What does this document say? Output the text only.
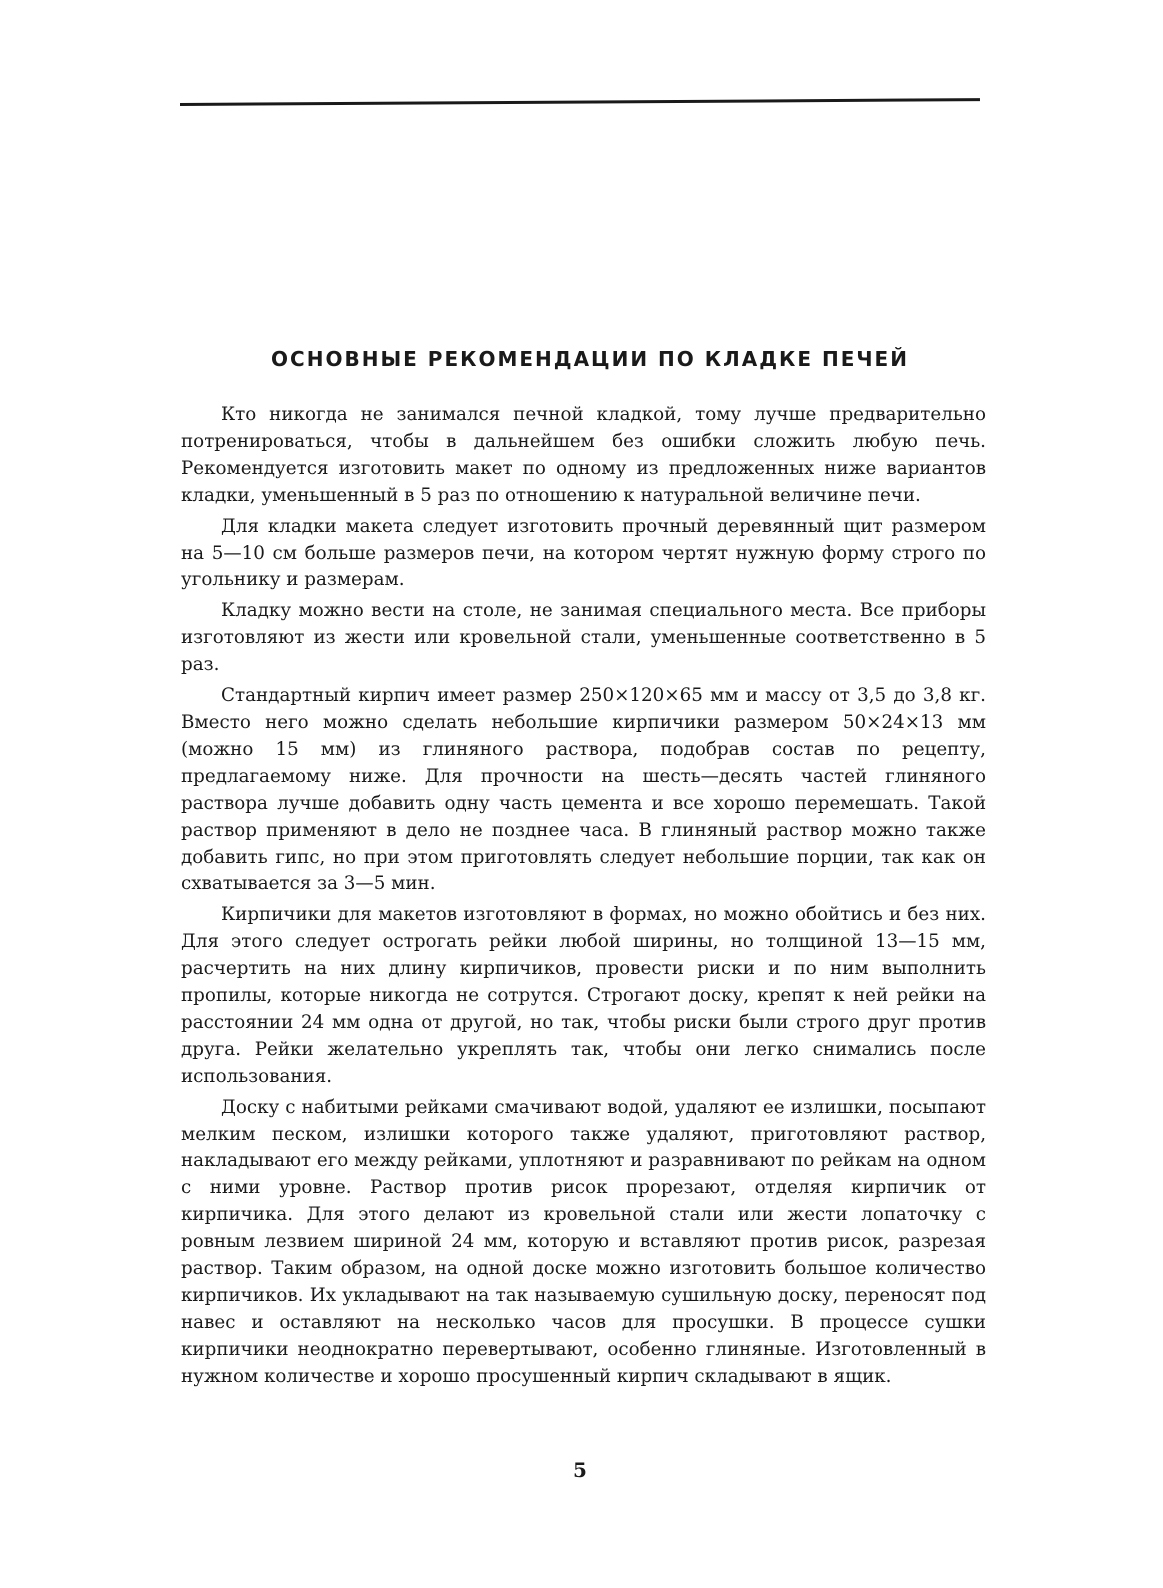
ОСНОВНЫЕ РЕКОМЕНДАЦИИ ПО КЛАДКЕ ПЕЧЕЙ

Кто никогда не занимался печной кладкой, тому лучше предварительно потренироваться, чтобы в дальнейшем без ошибки сложить любую печь. Рекомендуется изготовить макет по одному из предложенных ниже вариантов кладки, уменьшенный в 5 раз по отношению к натуральной величине печи.

Для кладки макета следует изготовить прочный деревянный щит размером на 5—10 см больше размеров печи, на котором чертят нужную форму строго по угольнику и размерам.

Кладку можно вести на столе, не занимая специального места. Все приборы изготовляют из жести или кровельной стали, уменьшенные соответственно в 5 раз.

Стандартный кирпич имеет размер 250×120×65 мм и массу от 3,5 до 3,8 кг. Вместо него можно сделать небольшие кирпичики размером 50×24×13 мм (можно 15 мм) из глиняного раствора, подобрав состав по рецепту, предлагаемому ниже. Для прочности на шесть—десять частей глиняного раствора лучше добавить одну часть цемента и все хорошо перемешать. Такой раствор применяют в дело не позднее часа. В глиняный раствор можно также добавить гипс, но при этом приготовлять следует небольшие порции, так как он схватывается за 3—5 мин.

Кирпичики для макетов изготовляют в формах, но можно обойтись и без них. Для этого следует острогать рейки любой ширины, но толщиной 13—15 мм, расчертить на них длину кирпичиков, провести риски и по ним выполнить пропилы, которые никогда не сотрутся. Строгают доску, крепят к ней рейки на расстоянии 24 мм одна от другой, но так, чтобы риски были строго друг против друга. Рейки желательно укреплять так, чтобы они легко снимались после использования.

Доску с набитыми рейками смачивают водой, удаляют ее излишки, посыпают мелким песком, излишки которого также удаляют, приготовляют раствор, накладывают его между рейками, уплотняют и разравнивают по рейкам на одном с ними уровне. Раствор против рисок прорезают, отделяя кирпичик от кирпичика. Для этого делают из кровельной стали или жести лопаточку с ровным лезвием шириной 24 мм, которую и вставляют против рисок, разрезая раствор. Таким образом, на одной доске можно изготовить большое количество кирпичиков. Их укладывают на так называемую сушильную доску, переносят под навес и оставляют на несколько часов для просушки. В процессе сушки кирпичики неоднократно перевертывают, особенно глиняные. Изготовленный в нужном количестве и хорошо просушенный кирпич складывают в ящик.

5
